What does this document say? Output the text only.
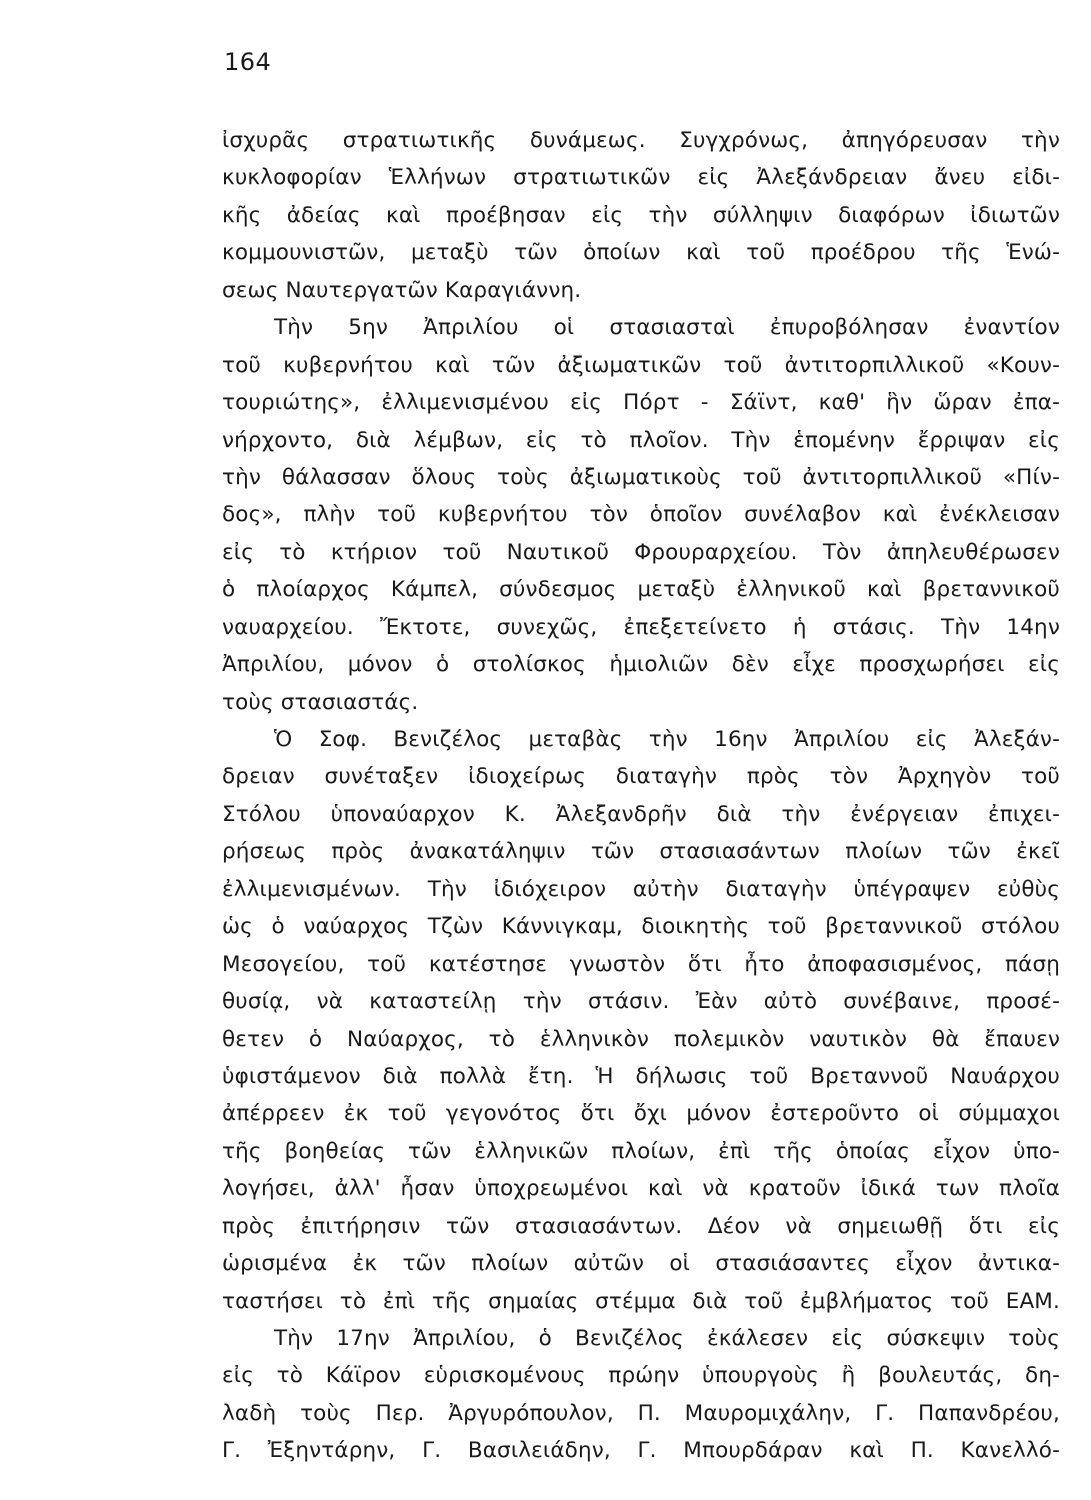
164
ἰσχυρᾶς στρατιωτικῆς δυνάμεως. Συγχρόνως, ἀπηγόρευσαν τὴν
κυκλοφορίαν Ἑλλήνων στρατιωτικῶν εἰς Ἀλεξάνδρειαν ἄνευ εἰδι-
κῆς ἀδείας καὶ προέβησαν εἰς τὴν σύλληψιν διαφόρων ἰδιωτῶν
κομμουνιστῶν, μεταξὺ τῶν ὁποίων καὶ τοῦ προέδρου τῆς Ἑνώ-
σεως Ναυτεργατῶν Καραγιάννη.
Τὴν 5ην Ἀπριλίου οἱ στασιασταὶ ἐπυροβόλησαν ἐναντίον
τοῦ κυβερνήτου καὶ τῶν ἀξιωματικῶν τοῦ ἀντιτορπιλλικοῦ «Κουν-
τουριώτης», ἐλλιμενισμένου εἰς Πόρτ - Σάϊντ, καθ' ἣν ὥραν ἐπα-
νήρχοντο, διὰ λέμβων, εἰς τὸ πλοῖον. Τὴν ἑπομένην ἔρριψαν εἰς
τὴν θάλασσαν ὅλους τοὺς ἀξιωματικοὺς τοῦ ἀντιτορπιλλικοῦ «Πίν-
δος», πλὴν τοῦ κυβερνήτου τὸν ὁποῖον συνέλαβον καὶ ἐνέκλεισαν
εἰς τὸ κτήριον τοῦ Ναυτικοῦ Φρουραρχείου. Τὸν ἀπηλευθέρωσεν
ὁ πλοίαρχος Κάμπελ, σύνδεσμος μεταξὺ ἑλληνικοῦ καὶ βρεταννικοῦ
ναυαρχείου. Ἔκτοτε, συνεχῶς, ἐπεξετείνετο ἡ στάσις. Τὴν 14ην
Ἀπριλίου, μόνον ὁ στολίσκος ἡμιολιῶν δὲν εἶχε προσχωρήσει εἰς
τοὺς στασιαστάς.
Ὁ Σοφ. Βενιζέλος μεταβὰς τὴν 16ην Ἀπριλίου εἰς Ἀλεξάν-
δρειαν συνέταξεν ἰδιοχείρως διαταγὴν πρὸς τὸν Ἀρχηγὸν τοῦ
Στόλου ὑποναύαρχον Κ. Ἀλεξανδρῆν διὰ τὴν ἐνέργειαν ἐπιχει-
ρήσεως πρὸς ἀνακατάληψιν τῶν στασιασάντων πλοίων τῶν ἐκεῖ
ἐλλιμενισμένων. Τὴν ἰδιόχειρον αὐτὴν διαταγὴν ὑπέγραψεν εὐθὺς
ὡς ὁ ναύαρχος Τζὼν Κάννιγκαμ, διοικητὴς τοῦ βρεταννικοῦ στόλου
Μεσογείου, τοῦ κατέστησε γνωστὸν ὅτι ἦτο ἀποφασισμένος, πάσῃ
θυσίᾳ, νὰ καταστείλῃ τὴν στάσιν. Ἐὰν αὐτὸ συνέβαινε, προσέ-
θετεν ὁ Ναύαρχος, τὸ ἑλληνικὸν πολεμικὸν ναυτικὸν θὰ ἔπαυεν
ὑφιστάμενον διὰ πολλὰ ἔτη. Ἡ δήλωσις τοῦ Βρεταννοῦ Ναυάρχου
ἀπέρρεεν ἐκ τοῦ γεγονότος ὅτι ὄχι μόνον ἐστεροῦντο οἱ σύμμαχοι
τῆς βοηθείας τῶν ἑλληνικῶν πλοίων, ἐπὶ τῆς ὁποίας εἶχον ὑπο-
λογήσει, ἀλλ' ἦσαν ὑποχρεωμένοι καὶ νὰ κρατοῦν ἰδικά των πλοῖα
πρὸς ἐπιτήρησιν τῶν στασιασάντων. Δέον νὰ σημειωθῇ ὅτι εἰς
ὡρισμένα ἐκ τῶν πλοίων αὐτῶν οἱ στασιάσαντες εἶχον ἀντικα-
ταστήσει τὸ ἐπὶ τῆς σημαίας στέμμα διὰ τοῦ ἐμβλήματος τοῦ ΕΑΜ.
Τὴν 17ην Ἀπριλίου, ὁ Βενιζέλος ἐκάλεσεν εἰς σύσκεψιν τοὺς
εἰς τὸ Κάϊρον εὑρισκομένους πρώην ὑπουργοὺς ἢ βουλευτάς, δη-
λαδὴ τοὺς Περ. Ἀργυρόπουλον, Π. Μαυρομιχάλην, Γ. Παπανδρέου,
Γ. Ἐξηντάρην, Γ. Βασιλειάδην, Γ. Μπουρδάραν καὶ Π. Κανελλό-
